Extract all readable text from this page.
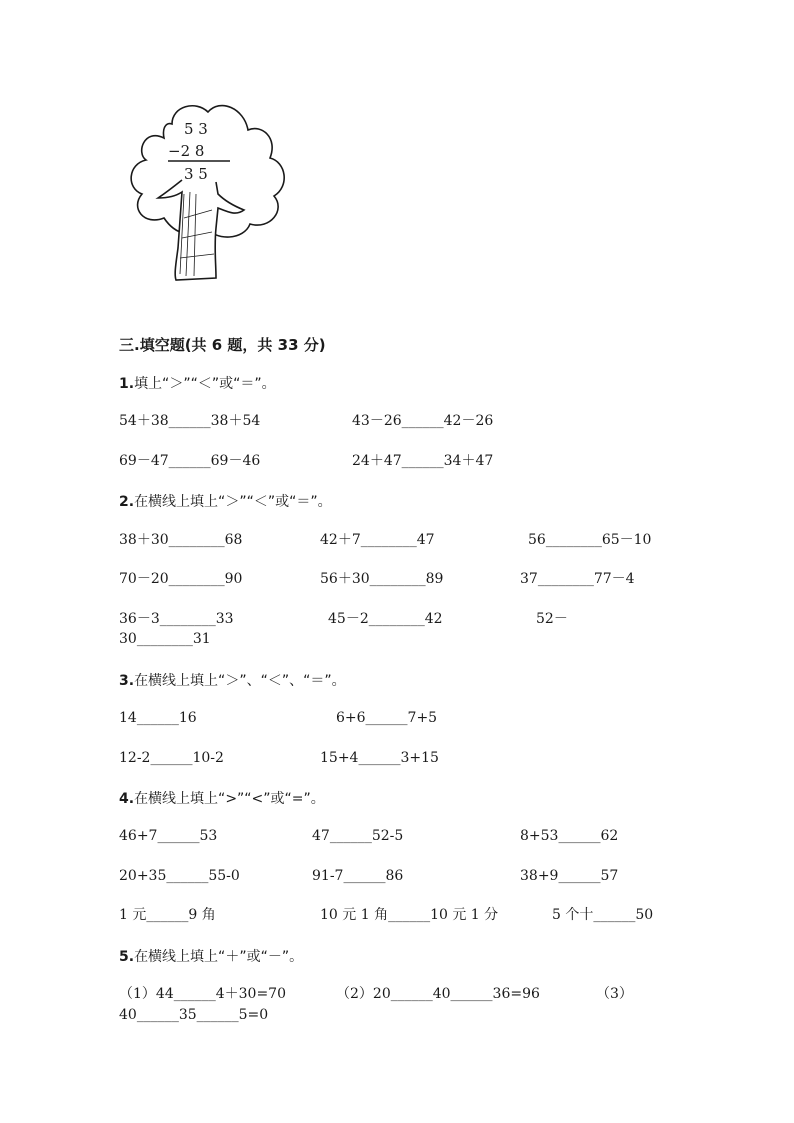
5 3
−2 8
3 5
三.填空题(共 6 题，共 33 分)
1.填上“＞”“＜”或“＝”。
54＋38______38＋54	43－26______42－26
69－47______69－46	24＋47______34＋47
2.在横线上填上“＞”“＜”或“＝”。
38＋30________68	42＋7________47	56________65－10
70－20________90	56＋30________89	37________77－4
36－3________33	45－2________42	52－
30________31
3.在横线上填上“＞”、“＜”、“＝”。
14______16	6+6______7+5
12-2______10-2	15+4______3+15
4.在横线上填上“>”“<”或“=”。
46+7______53	47______52-5	8+53______62
20+35______55-0	91-7______86	38+9______57
1 元______9 角	10 元 1 角______10 元 1 分	5 个十______50
5.在横线上填上“＋”或“－”。
（1）44______4＋30=70	（2）20______40______36=96	（3）
40______35______5=0
